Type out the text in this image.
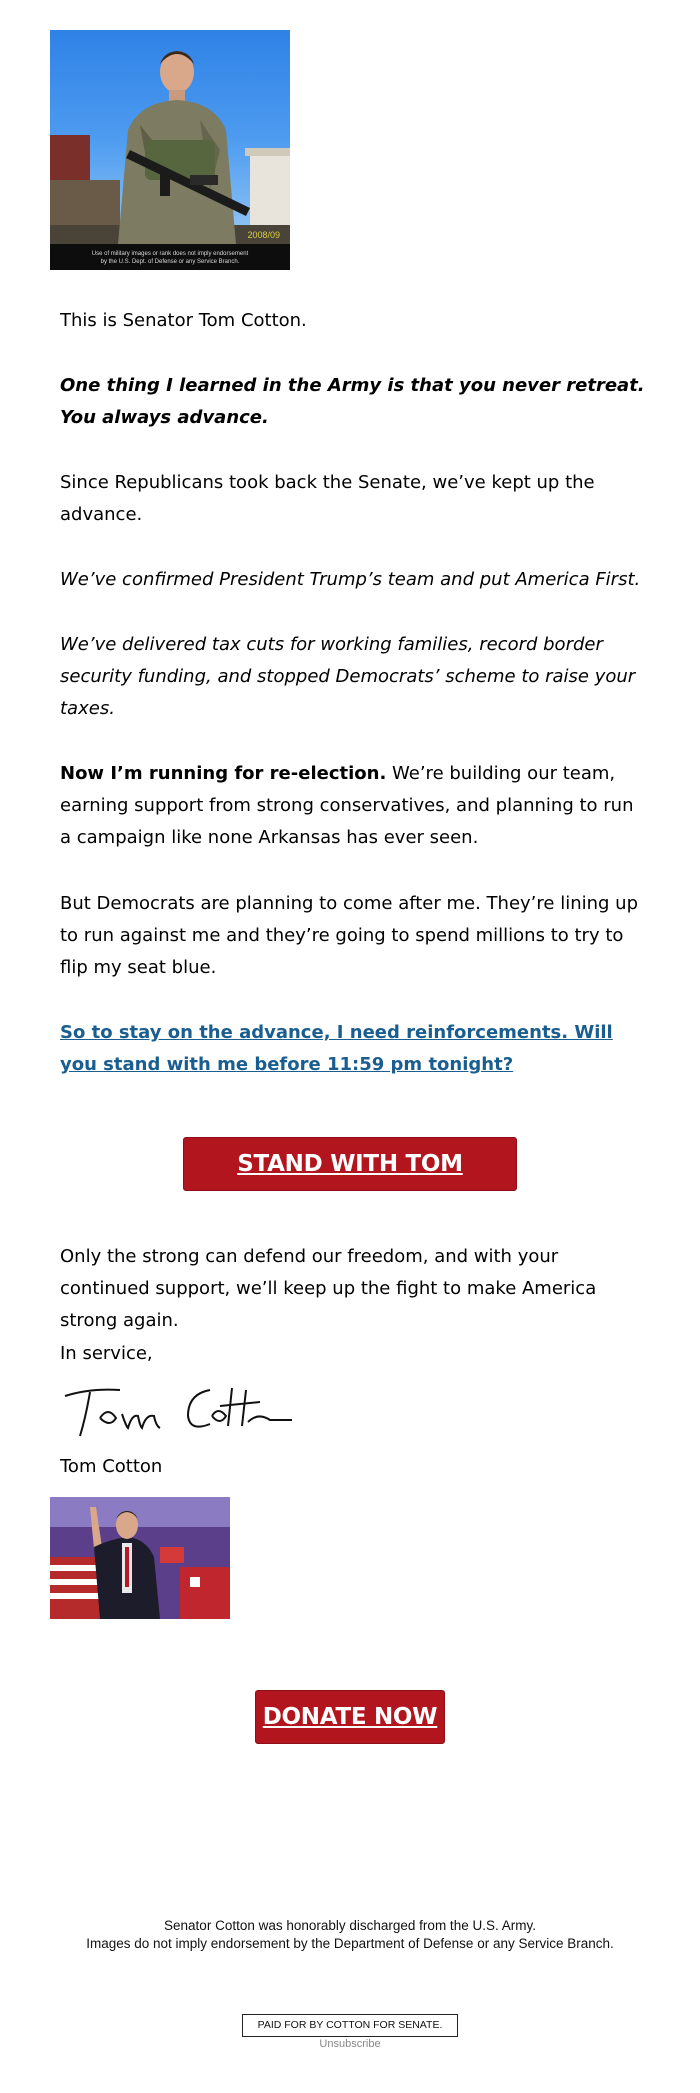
2008/09
Use of military images or rank does not imply endorsement
by the U.S. Dept. of Defense or any Service Branch.

This is Senator Tom Cotton.

One thing I learned in the Army is that you never retreat. You always advance.

Since Republicans took back the Senate, we’ve kept up the advance.

We’ve confirmed President Trump’s team and put America First.

We’ve delivered tax cuts for working families, record border security funding, and stopped Democrats’ scheme to raise your taxes.

Now I’m running for re-election. We’re building our team, earning support from strong conservatives, and planning to run a campaign like none Arkansas has ever seen.

But Democrats are planning to come after me. They’re lining up to run against me and they’re going to spend millions to try to flip my seat blue.

So to stay on the advance, I need reinforcements. Will you stand with me before 11:59 pm tonight?

STAND WITH TOM COTTON

Only the strong can defend our freedom, and with your continued support, we’ll keep up the fight to make America strong again.

In service,

Tom Cotton

Tom Cotton

DONATE NOW
Senator Cotton was honorably discharged from the U.S. Army.
Images do not imply endorsement by the Department of Defense or any Service Branch.
PAID FOR BY COTTON FOR SENATE.
Unsubscribe
